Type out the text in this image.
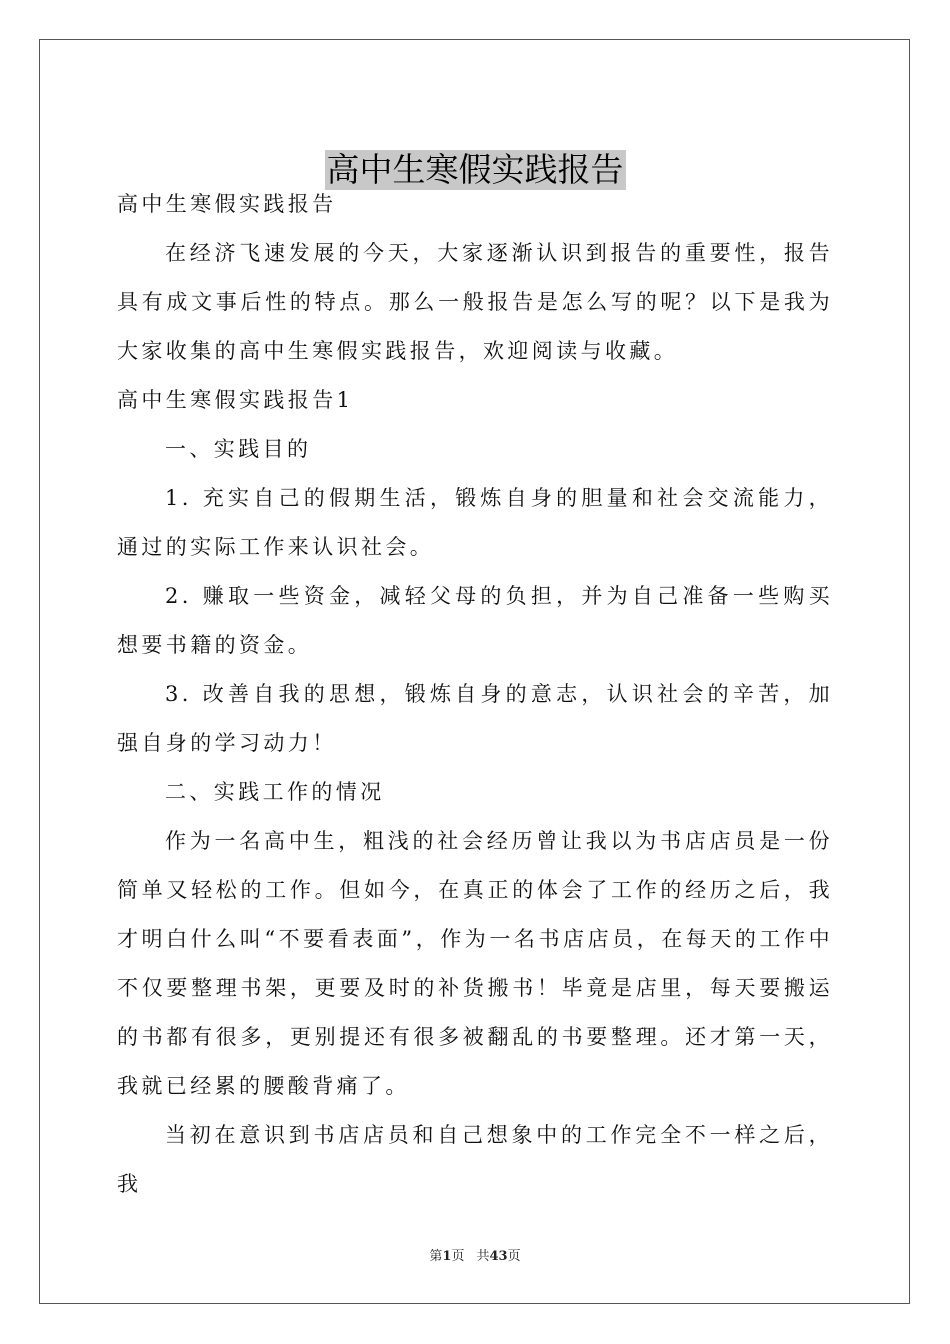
高中生寒假实践报告

高中生寒假实践报告

在经济飞速发展的今天，大家逐渐认识到报告的重要性，报告具有成文事后性的特点。那么一般报告是怎么写的呢？以下是我为大家收集的高中生寒假实践报告，欢迎阅读与收藏。

高中生寒假实践报告1

一、实践目的

1. 充实自己的假期生活，锻炼自身的胆量和社会交流能力，通过的实际工作来认识社会。

2. 赚取一些资金，减轻父母的负担，并为自己准备一些购买想要书籍的资金。

3. 改善自我的思想，锻炼自身的意志，认识社会的辛苦，加强自身的学习动力！

二、实践工作的情况

作为一名高中生，粗浅的社会经历曾让我以为书店店员是一份简单又轻松的工作。但如今，在真正的体会了工作的经历之后，我才明白什么叫“不要看表面”，作为一名书店店员，在每天的工作中不仅要整理书架，更要及时的补货搬书！毕竟是店里，每天要搬运的书都有很多，更别提还有很多被翻乱的书要整理。还才第一天，我就已经累的腰酸背痛了。

当初在意识到书店店员和自己想象中的工作完全不一样之后，我

第1页 共43页
